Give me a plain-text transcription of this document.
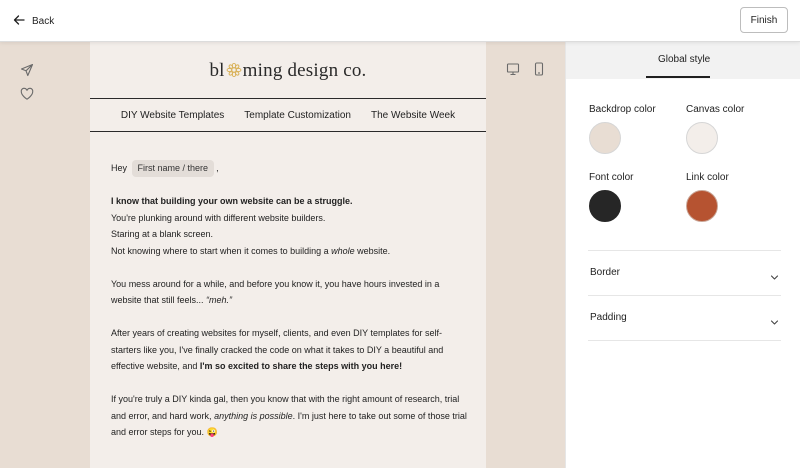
Back	Finish
bl ming design co.
DIY Website Templates Template Customization The Website Week

Hey First name / there ,

I know that building your own website can be a struggle.
You're plunking around with different website builders.
Staring at a blank screen.
Not knowing where to start when it comes to building a whole website.

You mess around for a while, and before you know it, you have hours invested in a website that still feels... “meh.”

After years of creating websites for myself, clients, and even DIY templates for self-starters like you, I've finally cracked the code on what it takes to DIY a beautiful and effective website, and I'm so excited to share the steps with you here!

If you're truly a DIY kinda gal, then you know that with the right amount of research, trial and error, and hard work, anything is possible. I'm just here to take out some of those trial and error steps for you. 😜

Global style
Backdrop color	Canvas color
Font color	Link color
Border
Padding
